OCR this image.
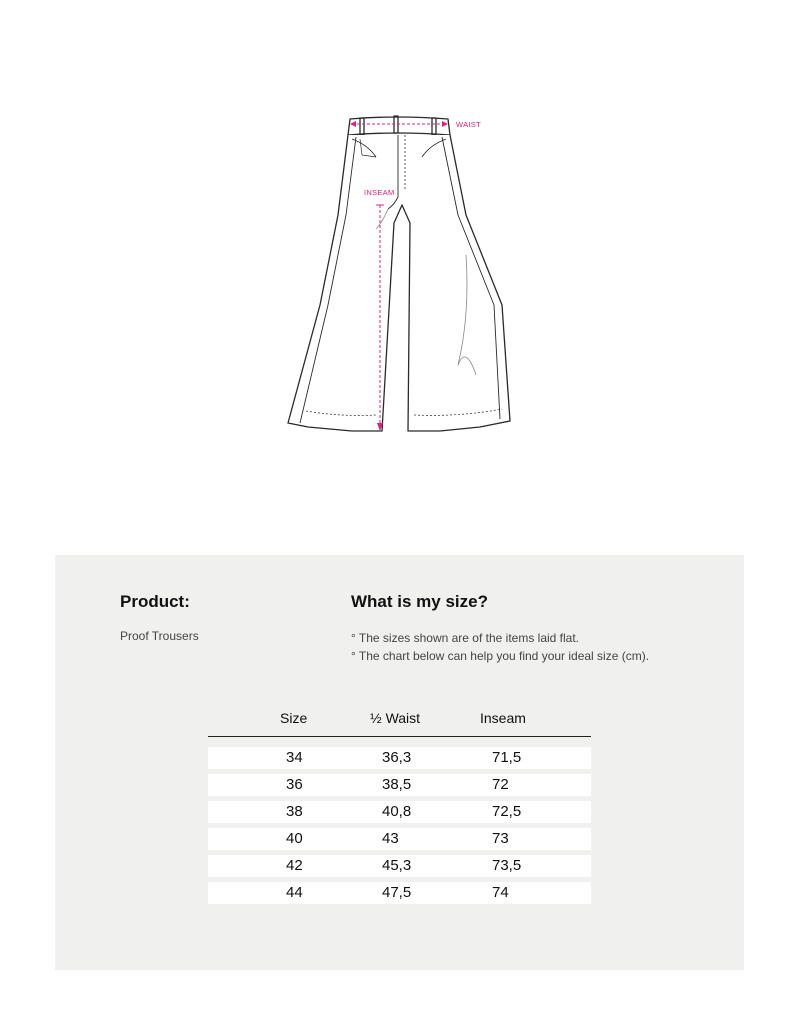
WAIST
INSEAM
Product:
Proof Trousers
What is my size?
° The sizes shown are of the items laid flat.
° The chart below can help you find your ideal size (cm).
Size	½ Waist	Inseam
34	36,3	71,5
36	38,5	72
38	40,8	72,5
40	43	73
42	45,3	73,5
44	47,5	74
